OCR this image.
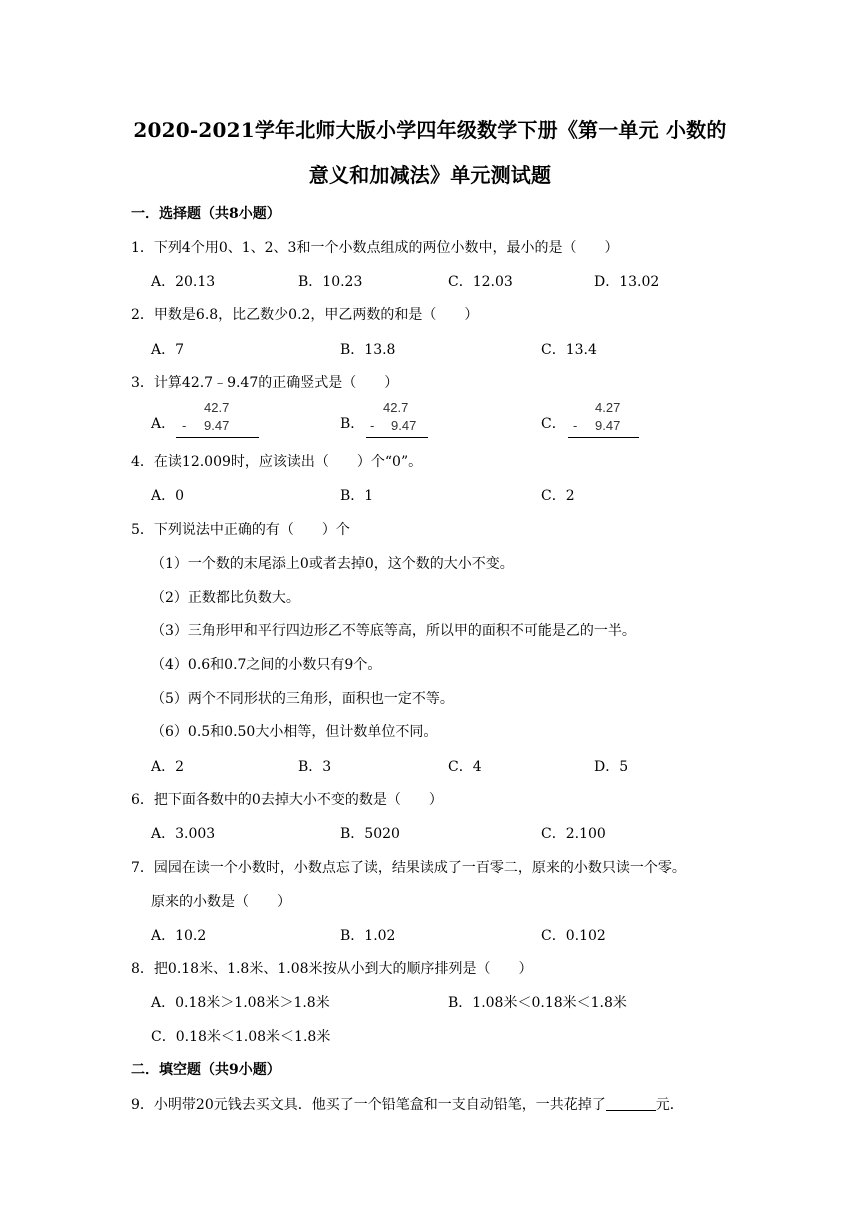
2020-2021学年北师大版小学四年级数学下册《第一单元 小数的
意义和加减法》单元测试题
一．选择题（共8小题）
1．下列4个用0、1、2、3和一个小数点组成的两位小数中，最小的是（　　）
A．20.13	B．10.23	C．12.03	D．13.02
2．甲数是6.8，比乙数少0.2，甲乙两数的和是（　　）
A．7	B．13.8	C．13.4
3．计算42.7﹣9.47的正确竖式是（　　）
A．	B．	C．
42.7
- 9.47
42.7
- 9.47
4.27
- 9.47
4．在读12.009时，应该读出（　　）个“0”。
A．0	B．1	C．2
5．下列说法中正确的有（　　）个
（1）一个数的末尾添上0或者去掉0，这个数的大小不变。
（2）正数都比负数大。
（3）三角形甲和平行四边形乙不等底等高，所以甲的面积不可能是乙的一半。
（4）0.6和0.7之间的小数只有9个。
（5）两个不同形状的三角形，面积也一定不等。
（6）0.5和0.50大小相等，但计数单位不同。
A．2	B．3	C．4	D．5
6．把下面各数中的0去掉大小不变的数是（　　）
A．3.003	B．5020	C．2.100
7．园园在读一个小数时，小数点忘了读，结果读成了一百零二，原来的小数只读一个零。
原来的小数是（　　）
A．10.2	B．1.02	C．0.102
8．把0.18米、1.8米、1.08米按从小到大的顺序排列是（　　）
A．0.18米＞1.08米＞1.8米	B．1.08米＜0.18米＜1.8米
C．0.18米＜1.08米＜1.8米
二．填空题（共9小题）
9．小明带20元钱去买文具．他买了一个铅笔盒和一支自动铅笔，一共花掉了	元．
